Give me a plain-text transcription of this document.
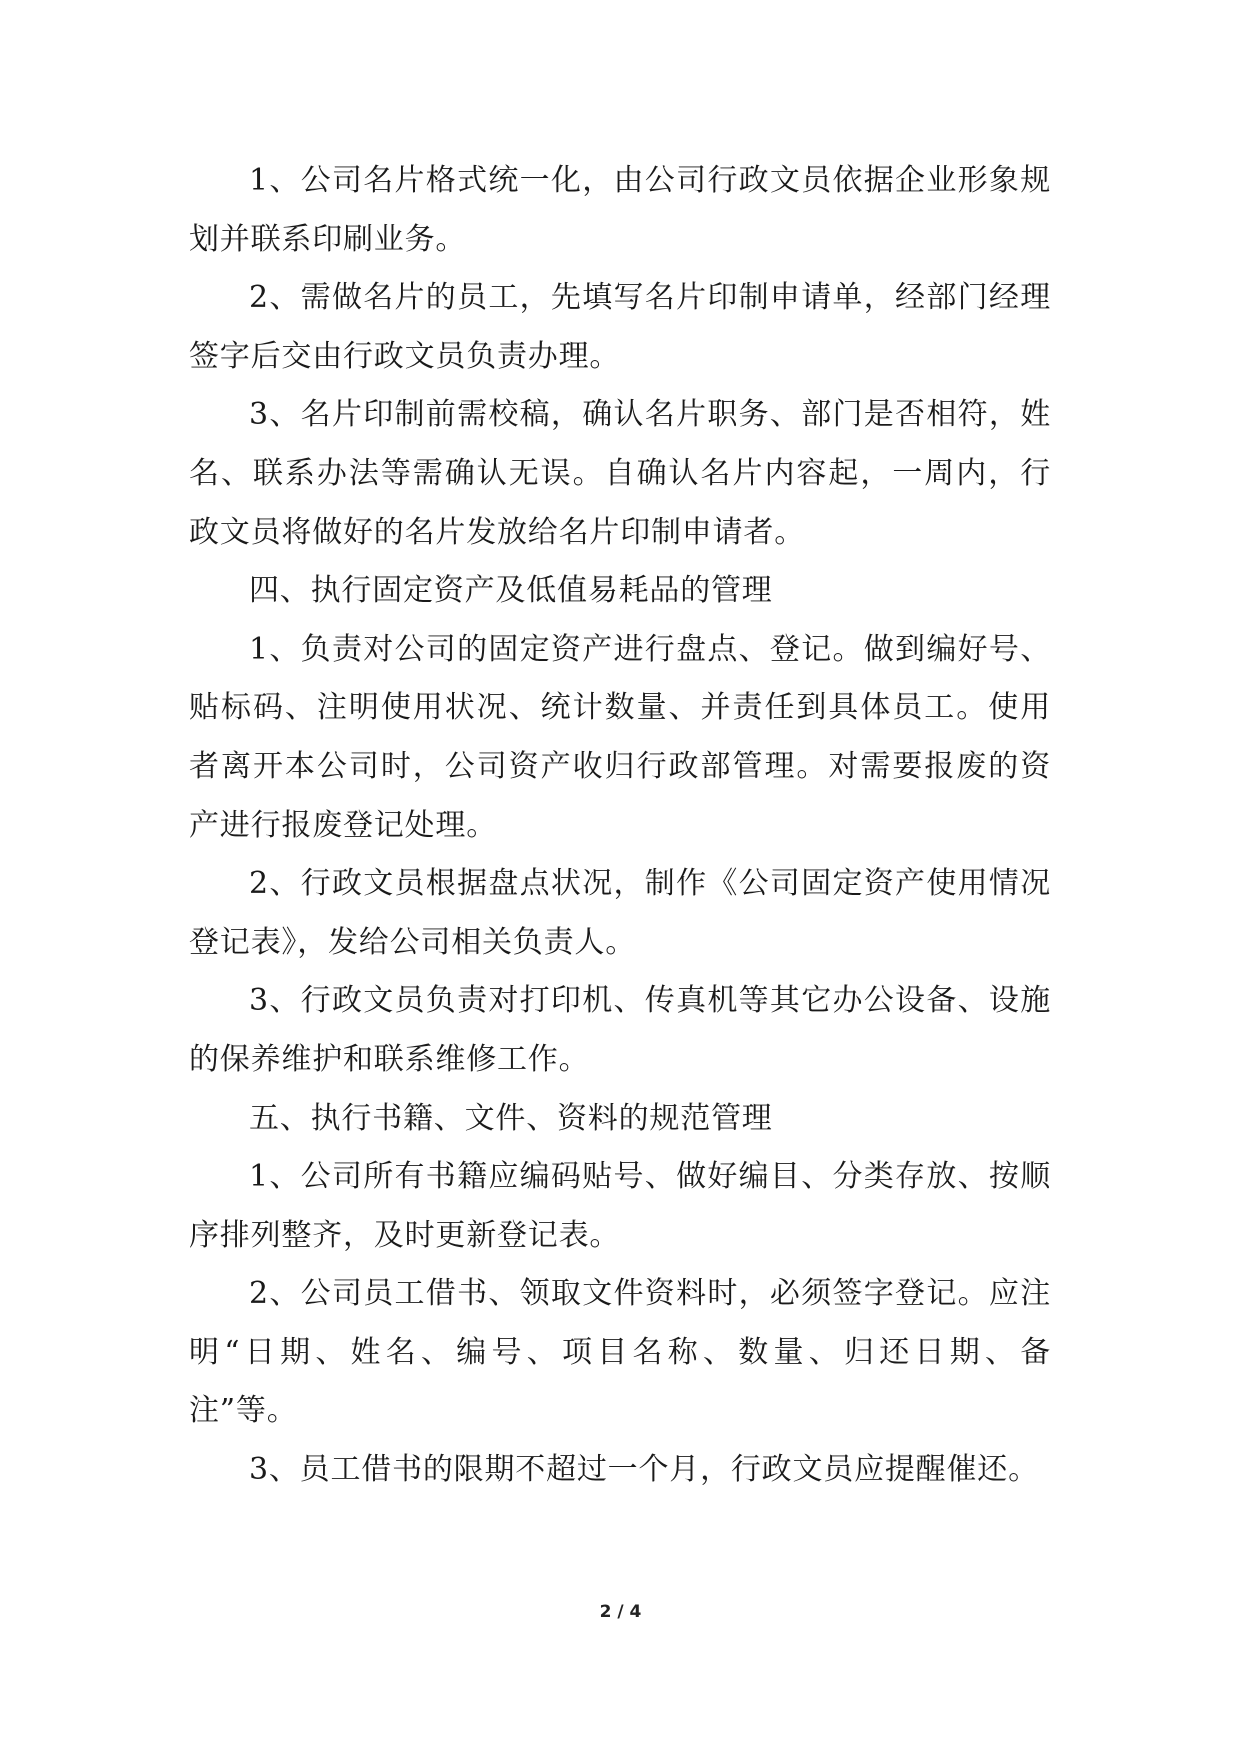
1、公司名片格式统一化，由公司行政文员依据企业形象规划并联系印刷业务。

2、需做名片的员工，先填写名片印制申请单，经部门经理签字后交由行政文员负责办理。

3、名片印制前需校稿，确认名片职务、部门是否相符，姓名、联系办法等需确认无误。自确认名片内容起，一周内，行政文员将做好的名片发放给名片印制申请者。

四、执行固定资产及低值易耗品的管理

1、负责对公司的固定资产进行盘点、登记。做到编好号、贴标码、注明使用状况、统计数量、并责任到具体员工。使用者离开本公司时，公司资产收归行政部管理。对需要报废的资产进行报废登记处理。

2、行政文员根据盘点状况，制作《公司固定资产使用情况登记表》，发给公司相关负责人。

3、行政文员负责对打印机、传真机等其它办公设备、设施的保养维护和联系维修工作。

五、执行书籍、文件、资料的规范管理

1、公司所有书籍应编码贴号、做好编目、分类存放、按顺序排列整齐，及时更新登记表。

2、公司员工借书、领取文件资料时，必须签字登记。应注明“日期、姓名、编号、项目名称、数量、归还日期、备注”等。

3、员工借书的限期不超过一个月，行政文员应提醒催还。

2 / 4
